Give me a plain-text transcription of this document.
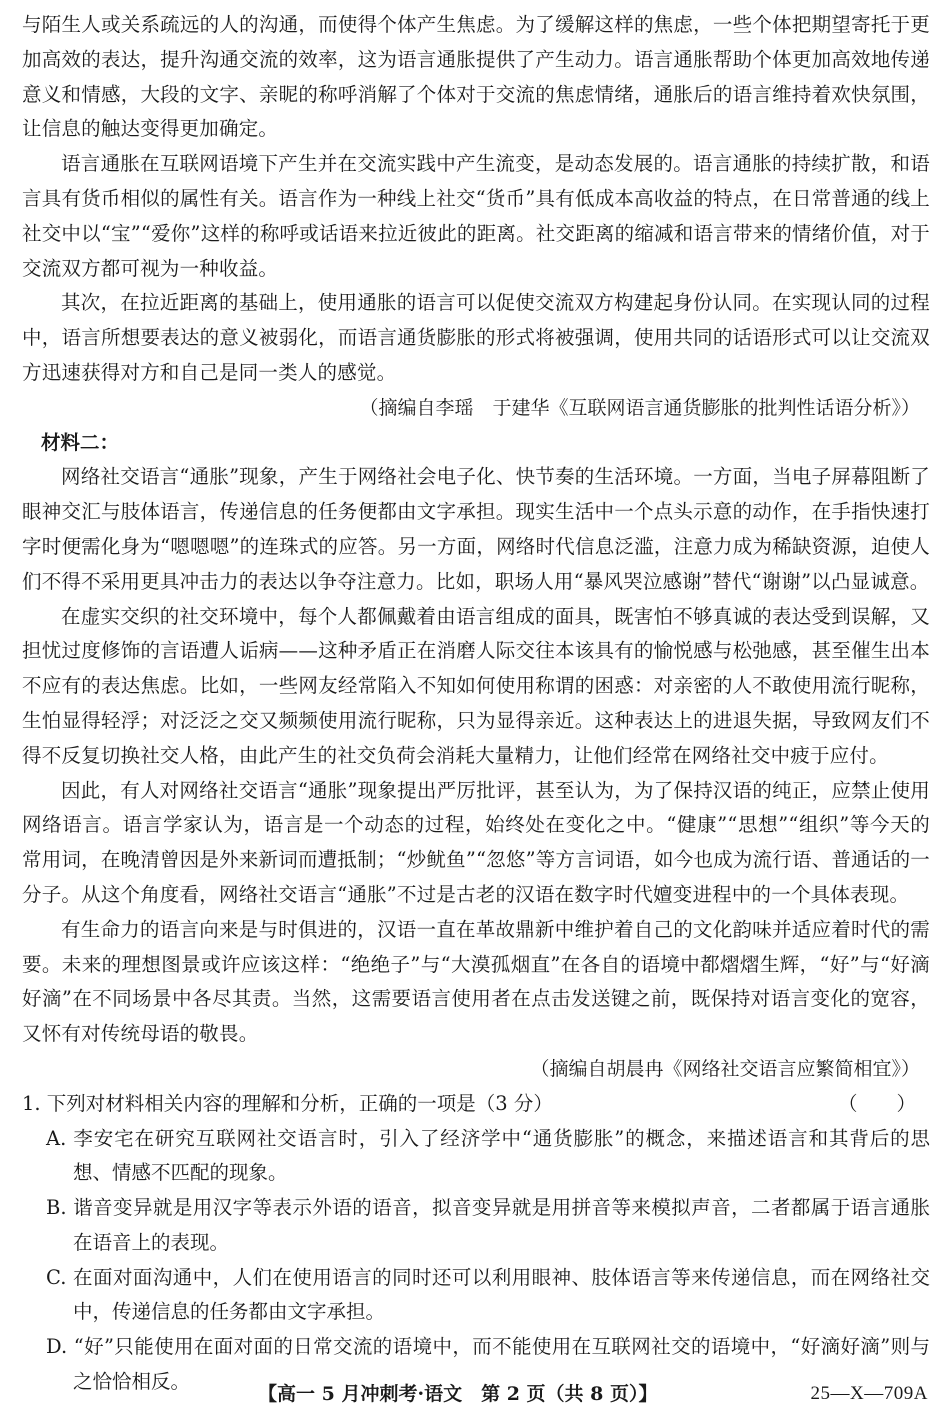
与陌生人或关系疏远的人的沟通，而使得个体产生焦虑。为了缓解这样的焦虑，一些个体把期望寄托于更加高效的表达，提升沟通交流的效率，这为语言通胀提供了产生动力。语言通胀帮助个体更加高效地传递意义和情感，大段的文字、亲昵的称呼消解了个体对于交流的焦虑情绪，通胀后的语言维持着欢快氛围，让信息的触达变得更加确定。

语言通胀在互联网语境下产生并在交流实践中产生流变，是动态发展的。语言通胀的持续扩散，和语言具有货币相似的属性有关。语言作为一种线上社交“货币”具有低成本高收益的特点，在日常普通的线上社交中以“宝”“爱你”这样的称呼或话语来拉近彼此的距离。社交距离的缩减和语言带来的情绪价值，对于交流双方都可视为一种收益。

其次，在拉近距离的基础上，使用通胀的语言可以促使交流双方构建起身份认同。在实现认同的过程中，语言所想要表达的意义被弱化，而语言通货膨胀的形式将被强调，使用共同的话语形式可以让交流双方迅速获得对方和自己是同一类人的感觉。

（摘编自李瑶　于建华《互联网语言通货膨胀的批判性话语分析》）

材料二：

网络社交语言“通胀”现象，产生于网络社会电子化、快节奏的生活环境。一方面，当电子屏幕阻断了眼神交汇与肢体语言，传递信息的任务便都由文字承担。现实生活中一个点头示意的动作，在手指快速打字时便需化身为“嗯嗯嗯”的连珠式的应答。另一方面，网络时代信息泛滥，注意力成为稀缺资源，迫使人们不得不采用更具冲击力的表达以争夺注意力。比如，职场人用“暴风哭泣感谢”替代“谢谢”以凸显诚意。

在虚实交织的社交环境中，每个人都佩戴着由语言组成的面具，既害怕不够真诚的表达受到误解，又担忧过度修饰的言语遭人诟病——这种矛盾正在消磨人际交往本该具有的愉悦感与松弛感，甚至催生出本不应有的表达焦虑。比如，一些网友经常陷入不知如何使用称谓的困惑：对亲密的人不敢使用流行昵称，生怕显得轻浮；对泛泛之交又频频使用流行昵称，只为显得亲近。这种表达上的进退失据，导致网友们不得不反复切换社交人格，由此产生的社交负荷会消耗大量精力，让他们经常在网络社交中疲于应付。

因此，有人对网络社交语言“通胀”现象提出严厉批评，甚至认为，为了保持汉语的纯正，应禁止使用网络语言。语言学家认为，语言是一个动态的过程，始终处在变化之中。“健康”“思想”“组织”等今天的常用词，在晚清曾因是外来新词而遭抵制；“炒鱿鱼”“忽悠”等方言词语，如今也成为流行语、普通话的一分子。从这个角度看，网络社交语言“通胀”不过是古老的汉语在数字时代嬗变进程中的一个具体表现。

有生命力的语言向来是与时俱进的，汉语一直在革故鼎新中维护着自己的文化韵味并适应着时代的需要。未来的理想图景或许应该这样：“绝绝子”与“大漠孤烟直”在各自的语境中都熠熠生辉，“好”与“好滴好滴”在不同场景中各尽其责。当然，这需要语言使用者在点击发送键之前，既保持对语言变化的宽容，又怀有对传统母语的敬畏。

（摘编自胡晨冉《网络社交语言应繁简相宜》）

1. 下列对材料相关内容的理解和分析，正确的一项是（3 分）	（　　）

A. 李安宅在研究互联网社交语言时，引入了经济学中“通货膨胀”的概念，来描述语言和其背后的思想、情感不匹配的现象。

B. 谐音变异就是用汉字等表示外语的语音，拟音变异就是用拼音等来模拟声音，二者都属于语言通胀在语音上的表现。

C. 在面对面沟通中，人们在使用语言的同时还可以利用眼神、肢体语言等来传递信息，而在网络社交中，传递信息的任务都由文字承担。

D. “好”只能使用在面对面的日常交流的语境中，而不能使用在互联网社交的语境中，“好滴好滴”则与之恰恰相反。

【高一 5 月冲刺考·语文　 第 2 页（共 8 页）】	25—X—709A
